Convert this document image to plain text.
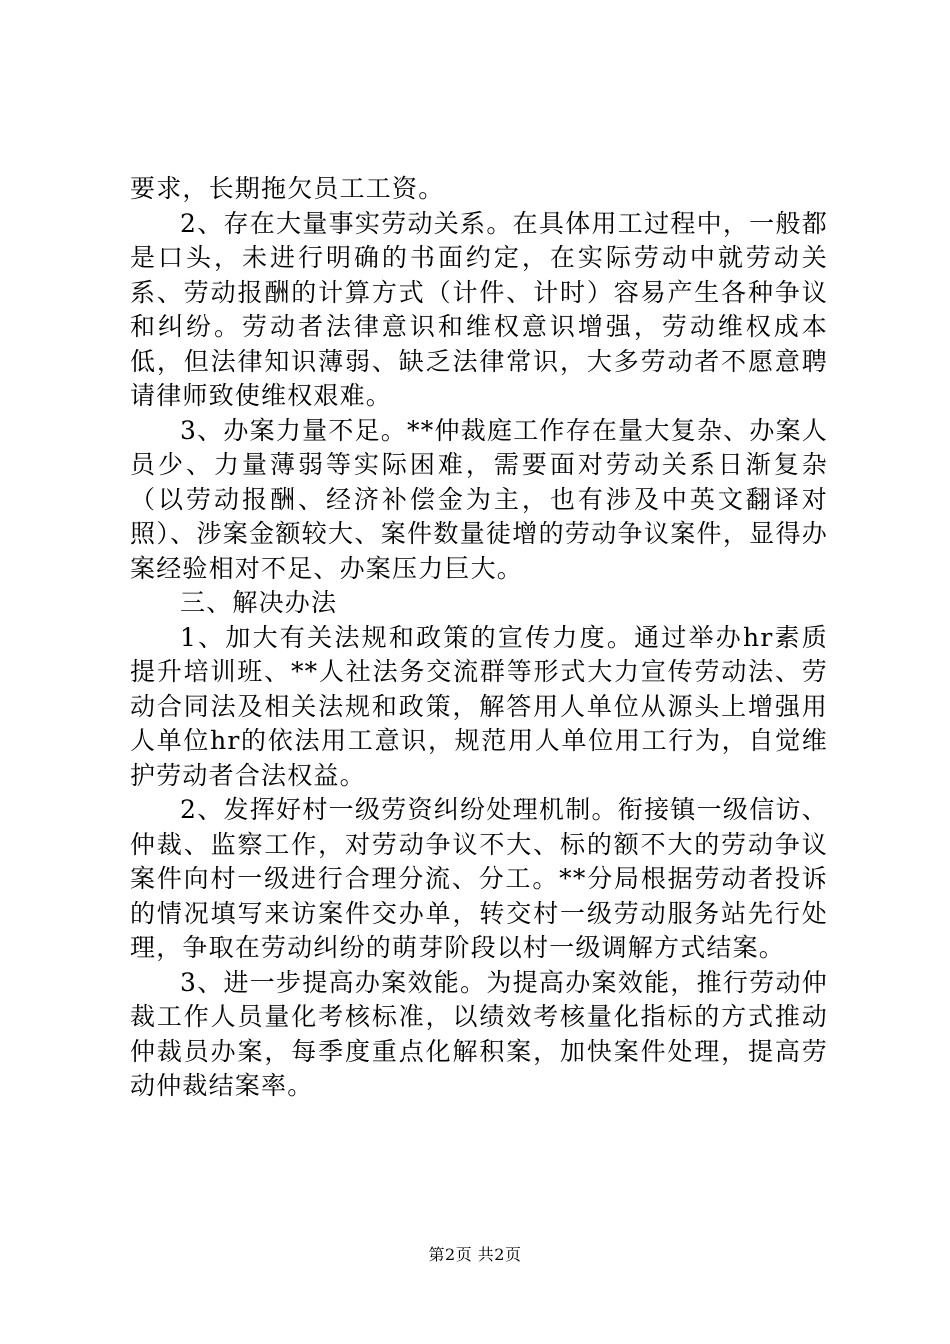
要求，长期拖欠员工工资。

2、存在大量事实劳动关系。在具体用工过程中，一般都是口头，未进行明确的书面约定，在实际劳动中就劳动关系、劳动报酬的计算方式（计件、计时）容易产生各种争议和纠纷。劳动者法律意识和维权意识增强，劳动维权成本低，但法律知识薄弱、缺乏法律常识，大多劳动者不愿意聘请律师致使维权艰难。

3、办案力量不足。**仲裁庭工作存在量大复杂、办案人员少、力量薄弱等实际困难，需要面对劳动关系日渐复杂（以劳动报酬、经济补偿金为主，也有涉及中英文翻译对照）、涉案金额较大、案件数量徒增的劳动争议案件，显得办案经验相对不足、办案压力巨大。

三、解决办法

1、加大有关法规和政策的宣传力度。通过举办hr素质提升培训班、**人社法务交流群等形式大力宣传劳动法、劳动合同法及相关法规和政策，解答用人单位从源头上增强用人单位hr的依法用工意识，规范用人单位用工行为，自觉维护劳动者合法权益。

2、发挥好村一级劳资纠纷处理机制。衔接镇一级信访、仲裁、监察工作，对劳动争议不大、标的额不大的劳动争议案件向村一级进行合理分流、分工。**分局根据劳动者投诉的情况填写来访案件交办单，转交村一级劳动服务站先行处理，争取在劳动纠纷的萌芽阶段以村一级调解方式结案。

3、进一步提高办案效能。为提高办案效能，推行劳动仲裁工作人员量化考核标准，以绩效考核量化指标的方式推动仲裁员办案，每季度重点化解积案，加快案件处理，提高劳动仲裁结案率。

第2页 共2页
